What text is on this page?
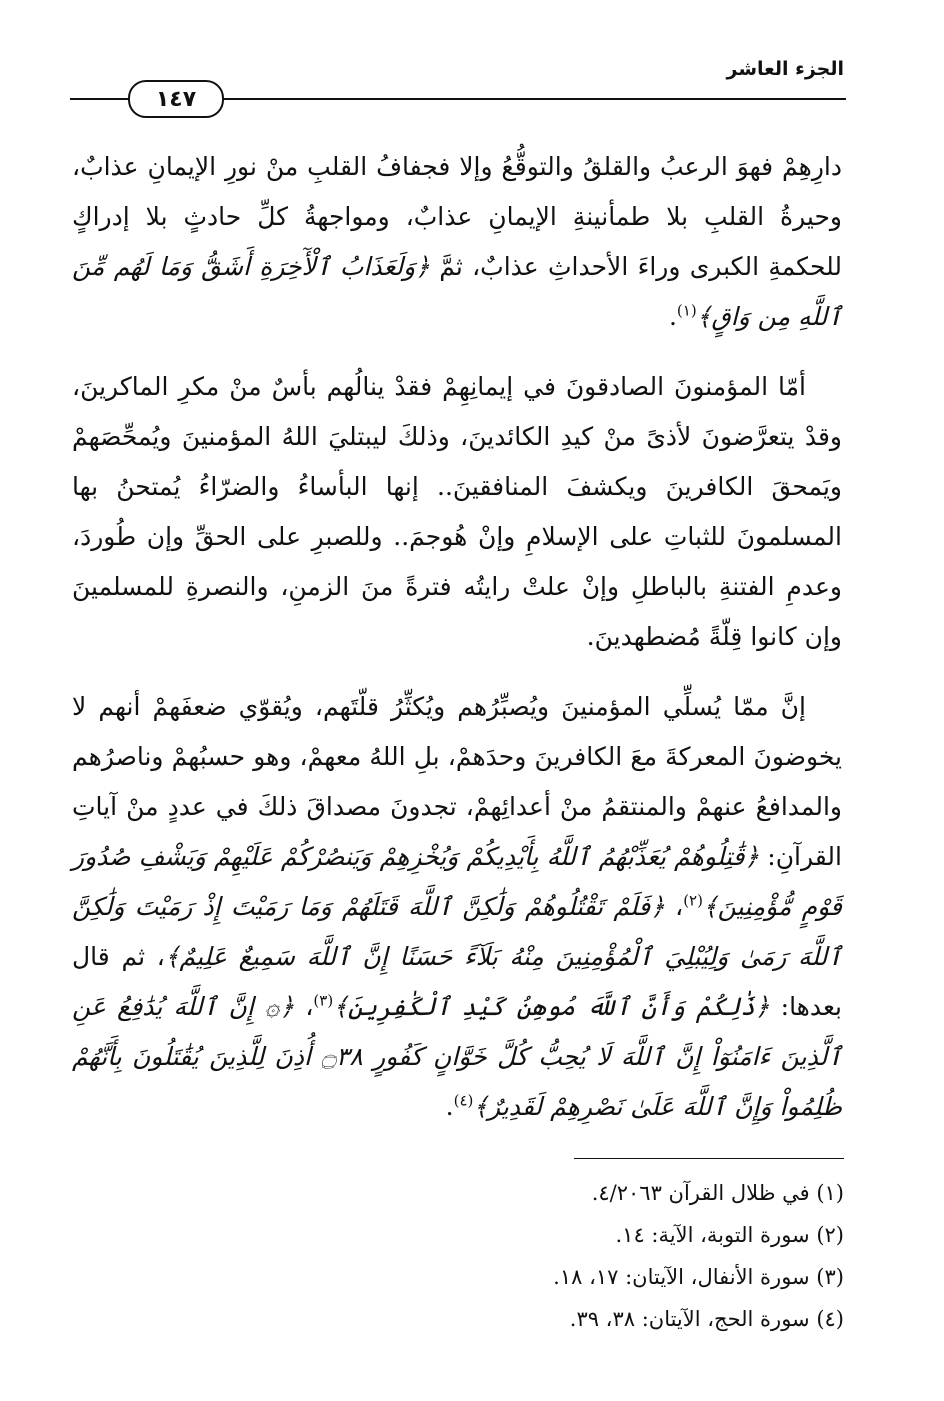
الجزء العاشر
١٤٧

دارِهِمْ فهوَ الرعبُ والقلقُ والتوقُّعُ وإلا فجفافُ القلبِ منْ نورِ الإيمانِ عذابٌ، وحيرةُ القلبِ بلا طمأنينةِ الإيمانِ عذابٌ، ومواجهةُ كلِّ حادثٍ بلا إدراكٍ للحكمةِ الكبرى وراءَ الأحداثِ عذابٌ، ثمَّ ﴿وَلَعَذَابُ ٱلْأٓخِرَةِ أَشَقُّ وَمَا لَهُم مِّنَ ٱللَّهِ مِن وَاقٍ﴾$^{(١)}$.

أمّا المؤمنونَ الصادقونَ في إيمانِهِمْ فقدْ ينالُهم بأسٌ منْ مكرِ الماكرينَ، وقدْ يتعرَّضونَ لأذىً منْ كيدِ الكائدينَ، وذلكَ ليبتليَ اللهُ المؤمنينَ ويُمحِّصَهمْ ويَمحقَ الكافرينَ ويكشفَ المنافقينَ.. إنها البأساءُ والضرّاءُ يُمتحنُ بها المسلمونَ للثباتِ على الإسلامِ وإنْ هُوجمَ.. وللصبرِ على الحقِّ وإن طُوردَ، وعدمِ الفتنةِ بالباطلِ وإنْ علتْ رايتُه فترةً منَ الزمنِ، والنصرةِ للمسلمينَ وإن كانوا قِلّةً مُضطهدينَ.

إنَّ ممّا يُسلِّي المؤمنينَ ويُصبِّرُهم ويُكثِّرُ قلّتَهم، ويُقوّي ضعفَهمْ أنهم لا يخوضونَ المعركةَ معَ الكافرينَ وحدَهمْ، بلِ اللهُ معهمْ، وهو حسبُهمْ وناصرُهم والمدافعُ عنهمْ والمنتقمُ منْ أعدائِهمْ، تجدونَ مصداقَ ذلكَ في عددٍ منْ آياتِ القرآنِ: ﴿قَٰتِلُوهُمْ يُعَذِّبْهُمُ ٱللَّهُ بِأَيْدِيكُمْ وَيُخْزِهِمْ وَيَنصُرْكُمْ عَلَيْهِمْ وَيَشْفِ صُدُورَ قَوْمٍ مُّؤْمِنِينَ﴾$^{(٢)}$، ﴿فَلَمْ تَقْتُلُوهُمْ وَلَٰكِنَّ ٱللَّهَ قَتَلَهُمْ وَمَا رَمَيْتَ إِذْ رَمَيْتَ وَلَٰكِنَّ ٱللَّهَ رَمَىٰ وَلِيُبْلِيَ ٱلْمُؤْمِنِينَ مِنْهُ بَلَآءً حَسَنًا إِنَّ ٱللَّهَ سَمِيعٌ عَلِيمٌ﴾، ثم قال بعدها: ﴿ذَٰلِكُمْ وَأَنَّ ٱللَّهَ مُوهِنُ كَيْدِ ٱلْكَٰفِرِينَ﴾$^{(٣)}$، ﴿۞ إِنَّ ٱللَّهَ يُدَٰفِعُ عَنِ ٱلَّذِينَ ءَامَنُوٓاْ إِنَّ ٱللَّهَ لَا يُحِبُّ كُلَّ خَوَّانٍ كَفُورٍ ۝٣٨ أُذِنَ لِلَّذِينَ يُقَٰتَلُونَ بِأَنَّهُمْ ظُلِمُواْ وَإِنَّ ٱللَّهَ عَلَىٰ نَصْرِهِمْ لَقَدِيرٌ﴾$^{(٤)}$.

(١) في ظلال القرآن ٤/٢٠٦٣.
(٢) سورة التوبة، الآية: ١٤.
(٣) سورة الأنفال، الآيتان: ١٧، ١٨.
(٤) سورة الحج، الآيتان: ٣٨، ٣٩.
